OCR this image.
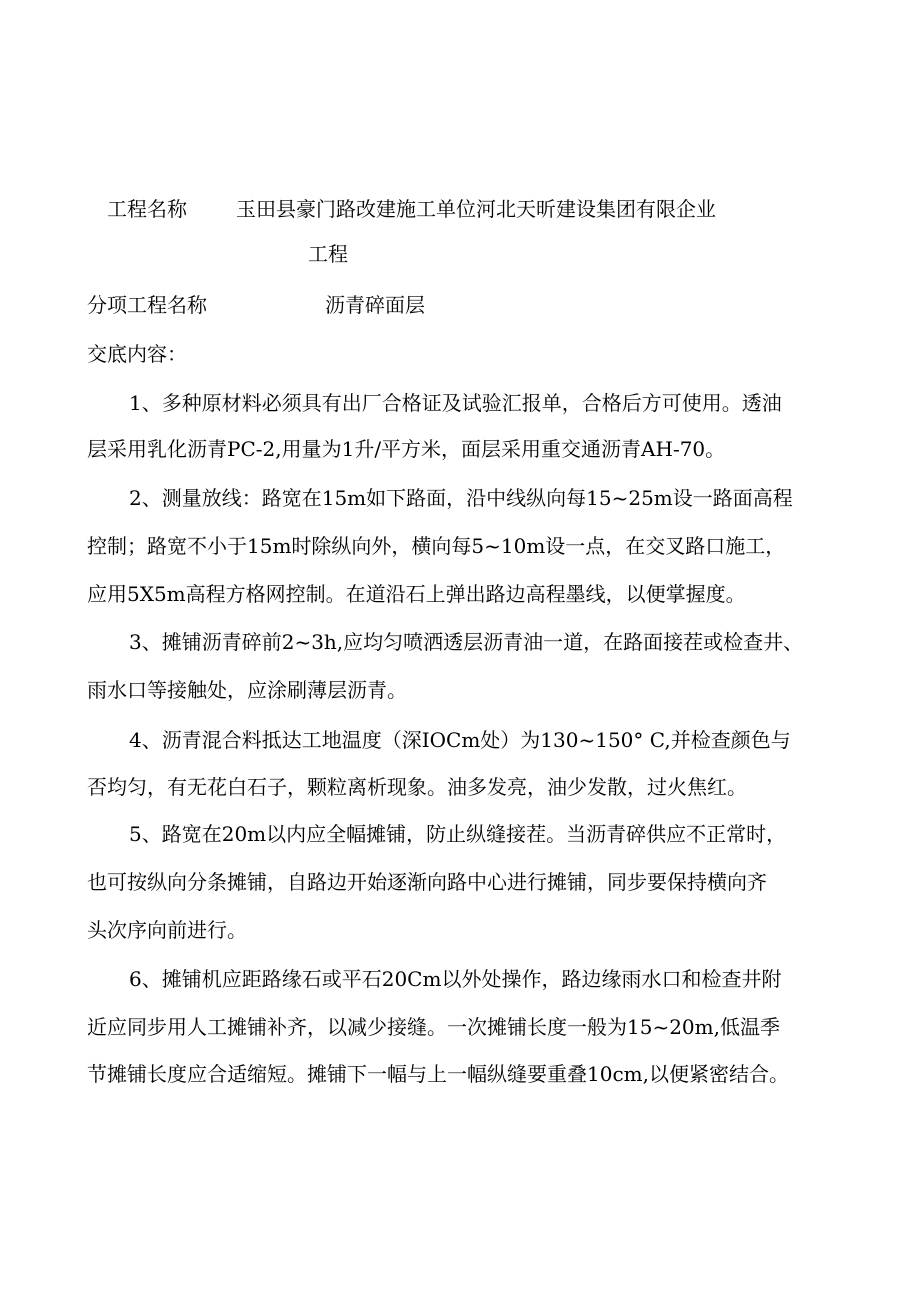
工程名称 玉田县豪门路改建施工单位河北天昕建设集团有限企业

工程

分项工程名称	沥青碎面层

交底内容：

1、多种原材料必须具有出厂合格证及试验汇报单，合格后方可使用。透油

层采用乳化沥青PC-2,用量为1升/平方米，面层采用重交通沥青AH-70。

2、测量放线：路宽在15m如下路面，沿中线纵向每15~25m设一路面高程

控制；路宽不小于15m时除纵向外，横向每5~10m设一点，在交叉路口施工，

应用5X5m高程方格网控制。在道沿石上弹出路边高程墨线，以便掌握度。

3、摊铺沥青碎前2~3h,应均匀喷洒透层沥青油一道，在路面接茬或检查井、

雨水口等接触处，应涂刷薄层沥青。

4、沥青混合料抵达工地温度（深IOCm处）为130~150° C,并检查颜色与

否均匀，有无花白石子，颗粒离析现象。油多发亮，油少发散，过火焦红。

5、路宽在20m以内应全幅摊铺，防止纵缝接茬。当沥青碎供应不正常时，

也可按纵向分条摊铺，自路边开始逐渐向路中心进行摊铺，同步要保持横向齐

头次序向前进行。

6、摊铺机应距路缘石或平石20Cm以外处操作，路边缘雨水口和检查井附

近应同步用人工摊铺补齐，以减少接缝。一次摊铺长度一般为15~20m,低温季

节摊铺长度应合适缩短。摊铺下一幅与上一幅纵缝要重叠10cm,以便紧密结合。
